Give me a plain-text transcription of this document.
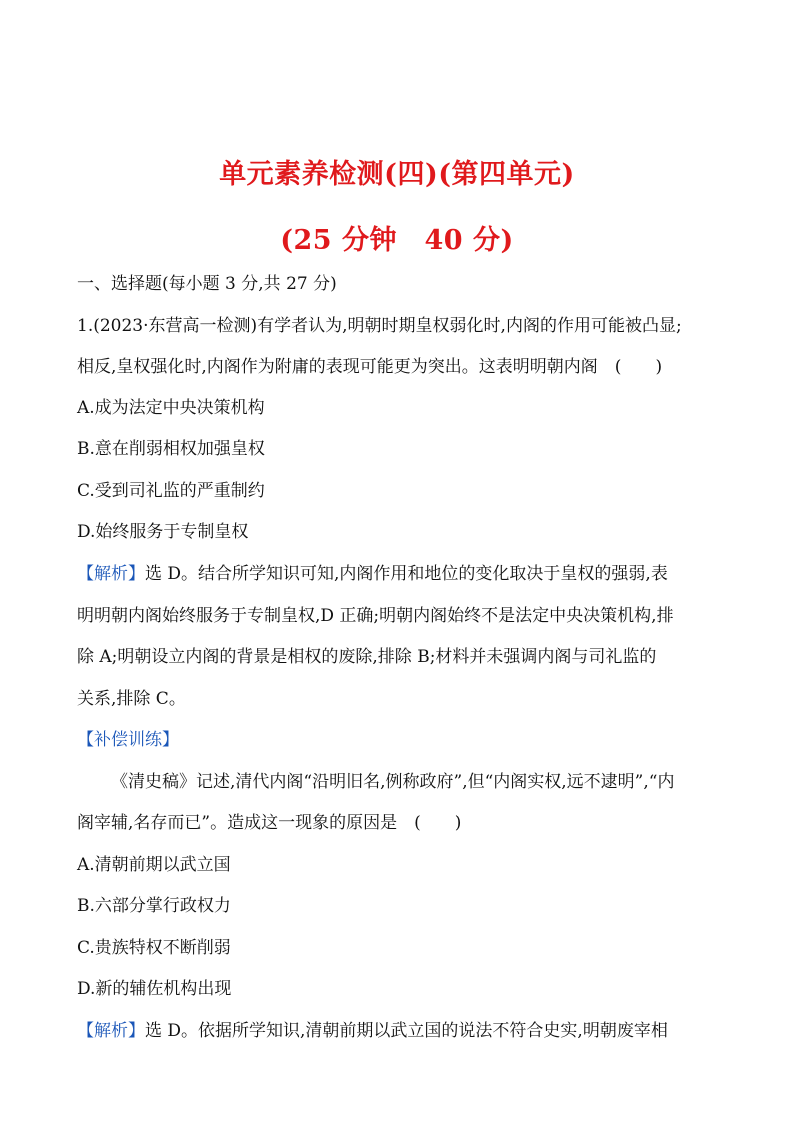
单元素养检测(四)(第四单元)
(25 分钟　40 分)
一、选择题(每小题 3 分,共 27 分)
1.(2023·东营高一检测)有学者认为,明朝时期皇权弱化时,内阁的作用可能被凸显;
相反,皇权强化时,内阁作为附庸的表现可能更为突出。这表明明朝内阁　(　　)
A.成为法定中央决策机构
B.意在削弱相权加强皇权
C.受到司礼监的严重制约
D.始终服务于专制皇权
【解析】选 D。结合所学知识可知,内阁作用和地位的变化取决于皇权的强弱,表
明明朝内阁始终服务于专制皇权,D 正确;明朝内阁始终不是法定中央决策机构,排
除 A;明朝设立内阁的背景是相权的废除,排除 B;材料并未强调内阁与司礼监的
关系,排除 C。
【补偿训练】
《清史稿》记述,清代内阁“沿明旧名,例称政府”,但“内阁实权,远不逮明”,“内
阁宰辅,名存而已”。造成这一现象的原因是　(　　)
A.清朝前期以武立国
B.六部分掌行政权力
C.贵族特权不断削弱
D.新的辅佐机构出现
【解析】选 D。依据所学知识,清朝前期以武立国的说法不符合史实,明朝废宰相
